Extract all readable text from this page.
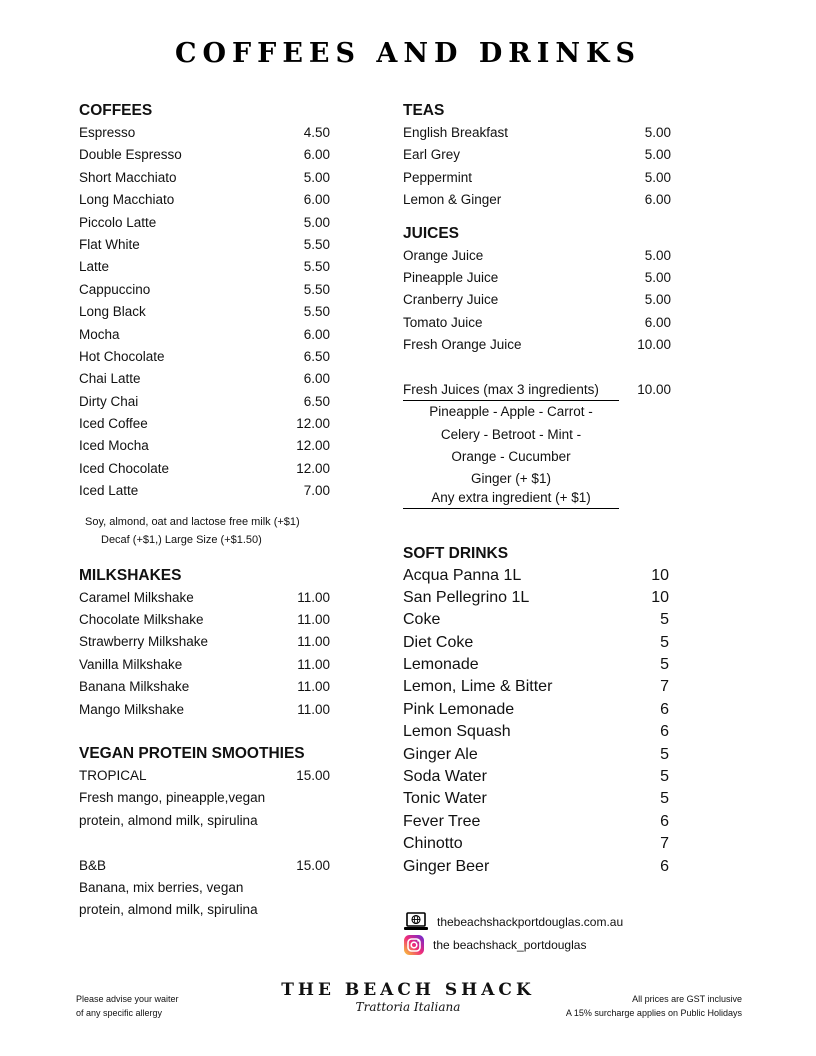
COFFEES AND DRINKS
COFFEES
Espresso	4.50
Double Espresso	6.00
Short Macchiato	5.00
Long Macchiato	6.00
Piccolo Latte	5.00
Flat White	5.50
Latte	5.50
Cappuccino	5.50
Long Black	5.50
Mocha	6.00
Hot Chocolate	6.50
Chai Latte	6.00
Dirty Chai	6.50
Iced Coffee	12.00
Iced Mocha	12.00
Iced Chocolate	12.00
Iced Latte	7.00
Soy, almond, oat and lactose free milk (+$1)
Decaf (+$1,) Large Size (+$1.50)
MILKSHAKES
Caramel Milkshake	11.00
Chocolate Milkshake	11.00
Strawberry Milkshake	11.00
Vanilla Milkshake	11.00
Banana Milkshake	11.00
Mango Milkshake	11.00
VEGAN PROTEIN SMOOTHIES
TROPICAL	15.00
Fresh mango, pineapple,vegan
protein, almond milk, spirulina
B&B	15.00
Banana, mix berries, vegan
protein, almond milk, spirulina
TEAS
English Breakfast	5.00
Earl Grey	5.00
Peppermint	5.00
Lemon & Ginger	6.00
JUICES
Orange Juice	5.00
Pineapple Juice	5.00
Cranberry Juice	5.00
Tomato Juice	6.00
Fresh Orange Juice	10.00
Fresh Juices (max 3 ingredients)	10.00
Pineapple - Apple - Carrot -
Celery - Betroot - Mint -
Orange - Cucumber
Ginger (+ $1)
Any extra ingredient (+ $1)
SOFT DRINKS
Acqua Panna 1L	10
San Pellegrino 1L	10
Coke	5
Diet Coke	5
Lemonade	5
Lemon, Lime & Bitter	7
Pink Lemonade	6
Lemon Squash	6
Ginger Ale	5
Soda Water	5
Tonic Water	5
Fever Tree	6
Chinotto	7
Ginger Beer	6
thebeachshackportdouglas.com.au
the beachshack_portdouglas
Please advise your waiter
of any specific allergy
THE BEACH SHACK
Trattoria Italiana
All prices are GST inclusive
A 15% surcharge applies on Public Holidays
